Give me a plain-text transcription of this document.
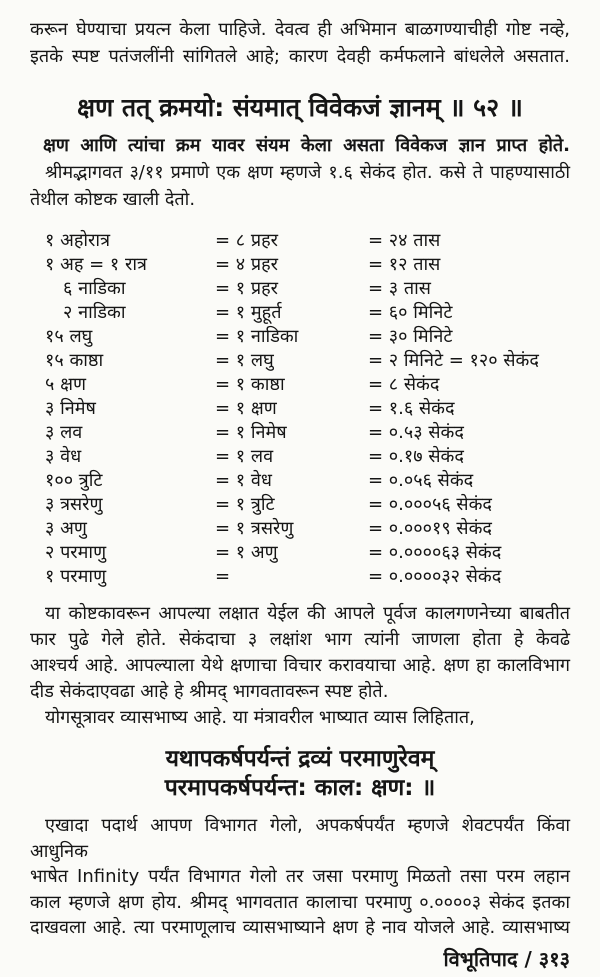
करून घेण्याचा प्रयत्न केला पाहिजे. देवत्व ही अभिमान बाळगण्याचीही गोष्ट नव्हे,
इतके स्पष्ट पतंजलींनी सांगितले आहे; कारण देवही कर्मफलाने बांधलेले असतात.
क्षण तत् क्रमयो: संयमात् विवेकजं ज्ञानम् ॥ ५२ ॥
क्षण आणि त्यांचा क्रम यावर संयम केला असता विवेकज ज्ञान प्राप्त होते.
श्रीमद्भागवत ३/११ प्रमाणे एक क्षण म्हणजे १.६ सेकंद होत. कसे ते पाहण्यासाठी
तेथील कोष्टक खाली देतो.
१ अहोरात्र	= ८ प्रहर	= २४ तास
१ अह = १ रात्र	= ४ प्रहर	= १२ तास
६ नाडिका	= १ प्रहर	= ३ तास
२ नाडिका	= १ मुहूर्त	= ६० मिनिटे
१५ लघु	= १ नाडिका	= ३० मिनिटे
१५ काष्ठा	= १ लघु	= २ मिनिटे = १२० सेकंद
५ क्षण	= १ काष्ठा	= ८ सेकंद
३ निमेष	= १ क्षण	= १.६ सेकंद
३ लव	= १ निमेष	= ०.५३ सेकंद
३ वेध	= १ लव	= ०.१७ सेकंद
१०० त्रुटि	= १ वेध	= ०.०५६ सेकंद
३ त्रसरेणु	= १ त्रुटि	= ०.०००५६ सेकंद
३ अणु	= १ त्रसरेणु	= ०.०००१९ सेकंद
२ परमाणु	= १ अणु	= ०.००००६३ सेकंद
१ परमाणु	=	= ०.००००३२ सेकंद
या कोष्टकावरून आपल्या लक्षात येईल की आपले पूर्वज कालगणनेच्या बाबतीत
फार पुढे गेले होते. सेकंदाचा ३ लक्षांश भाग त्यांनी जाणला होता हे केवढे
आश्चर्य आहे. आपल्याला येथे क्षणाचा विचार करावयाचा आहे. क्षण हा कालविभाग
दीड सेकंदाएवढा आहे हे श्रीमद् भागवतावरून स्पष्ट होते.
योगसूत्रावर व्यासभाष्य आहे. या मंत्रावरील भाष्यात व्यास लिहितात,
यथापकर्षपर्यन्तं द्रव्यं परमाणुरेवम्
परमापकर्षपर्यन्त: काल: क्षण: ॥
एखादा पदार्थ आपण विभागत गेलो, अपकर्षपर्यंत म्हणजे शेवटपर्यंत किंवा आधुनिक
भाषेत Infinity पर्यंत विभागत गेलो तर जसा परमाणु मिळतो तसा परम लहान
काल म्हणजे क्षण होय. श्रीमद् भागवतात कालाचा परमाणु ०.००००३ सेकंद इतका
दाखवला आहे. त्या परमाणूलाच व्यासभाष्याने क्षण हे नाव योजले आहे. व्यासभाष्य
विभूतिपाद / ३१३
